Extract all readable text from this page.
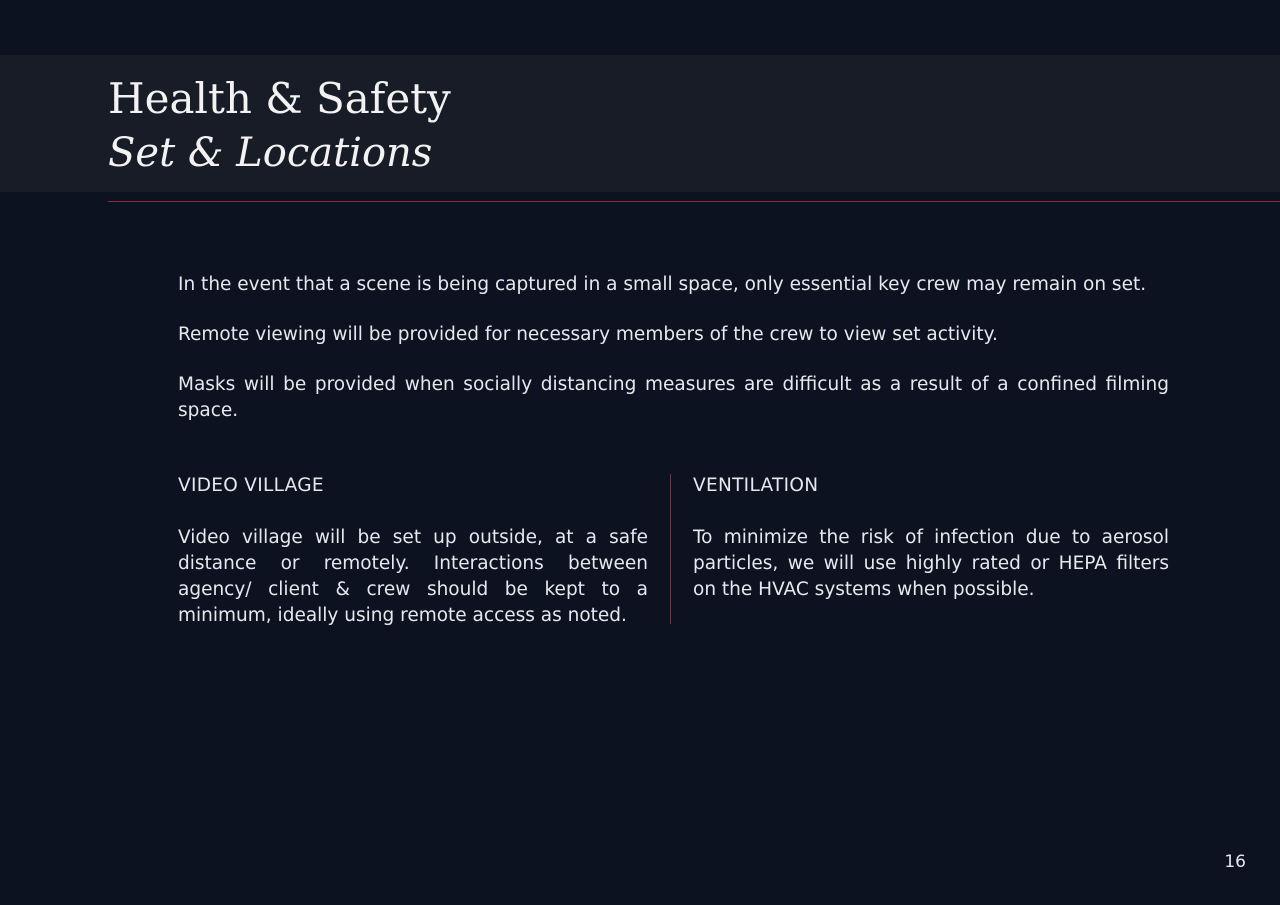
Health & Safety
Set & Locations

In the event that a scene is being captured in a small space, only essential key crew may remain on set.

Remote viewing will be provided for necessary members of the crew to view set activity.

Masks will be provided when socially distancing measures are difficult as a result of a confined filming space.

VIDEO VILLAGE

Video village will be set up outside, at a safe distance or remotely. Interactions between agency/ client & crew should be kept to a minimum, ideally using remote access as noted.

VENTILATION

To minimize the risk of infection due to aerosol particles, we will use highly rated or HEPA filters on the HVAC systems when possible.

16
